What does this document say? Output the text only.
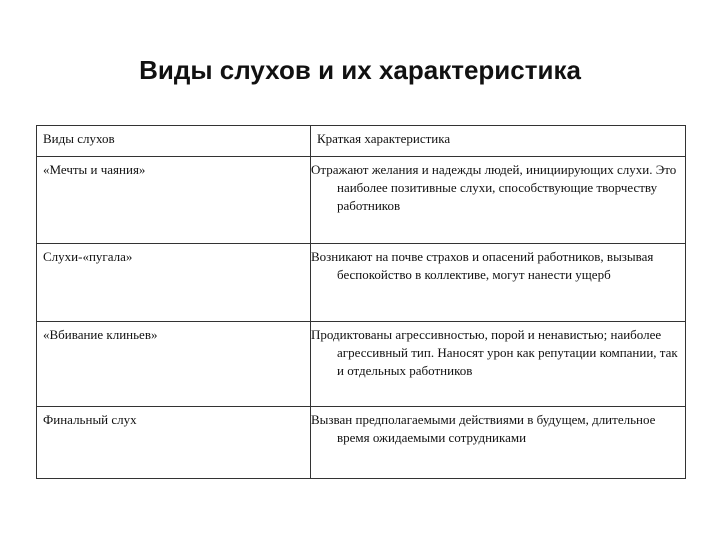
Виды слухов и их характеристика
Виды слухов	Краткая характеристика
«Мечты и чаяния»	Отражают желания и надежды людей, инициирующих слухи. Это наиболее позитивные слухи, способствующие творчеству работников
Слухи-«пугала»	Возникают на почве страхов и опасений работников, вызывая беспокойство в коллективе, могут нанести ущерб
«Вбивание клиньев»	Продиктованы агрессивностью, порой и ненавистью; наиболее агрессивный тип. Наносят урон как репутации компании, так и отдельных работников
Финальный слух	Вызван предполагаемыми действиями в будущем, длительное время ожидаемыми сотрудниками
